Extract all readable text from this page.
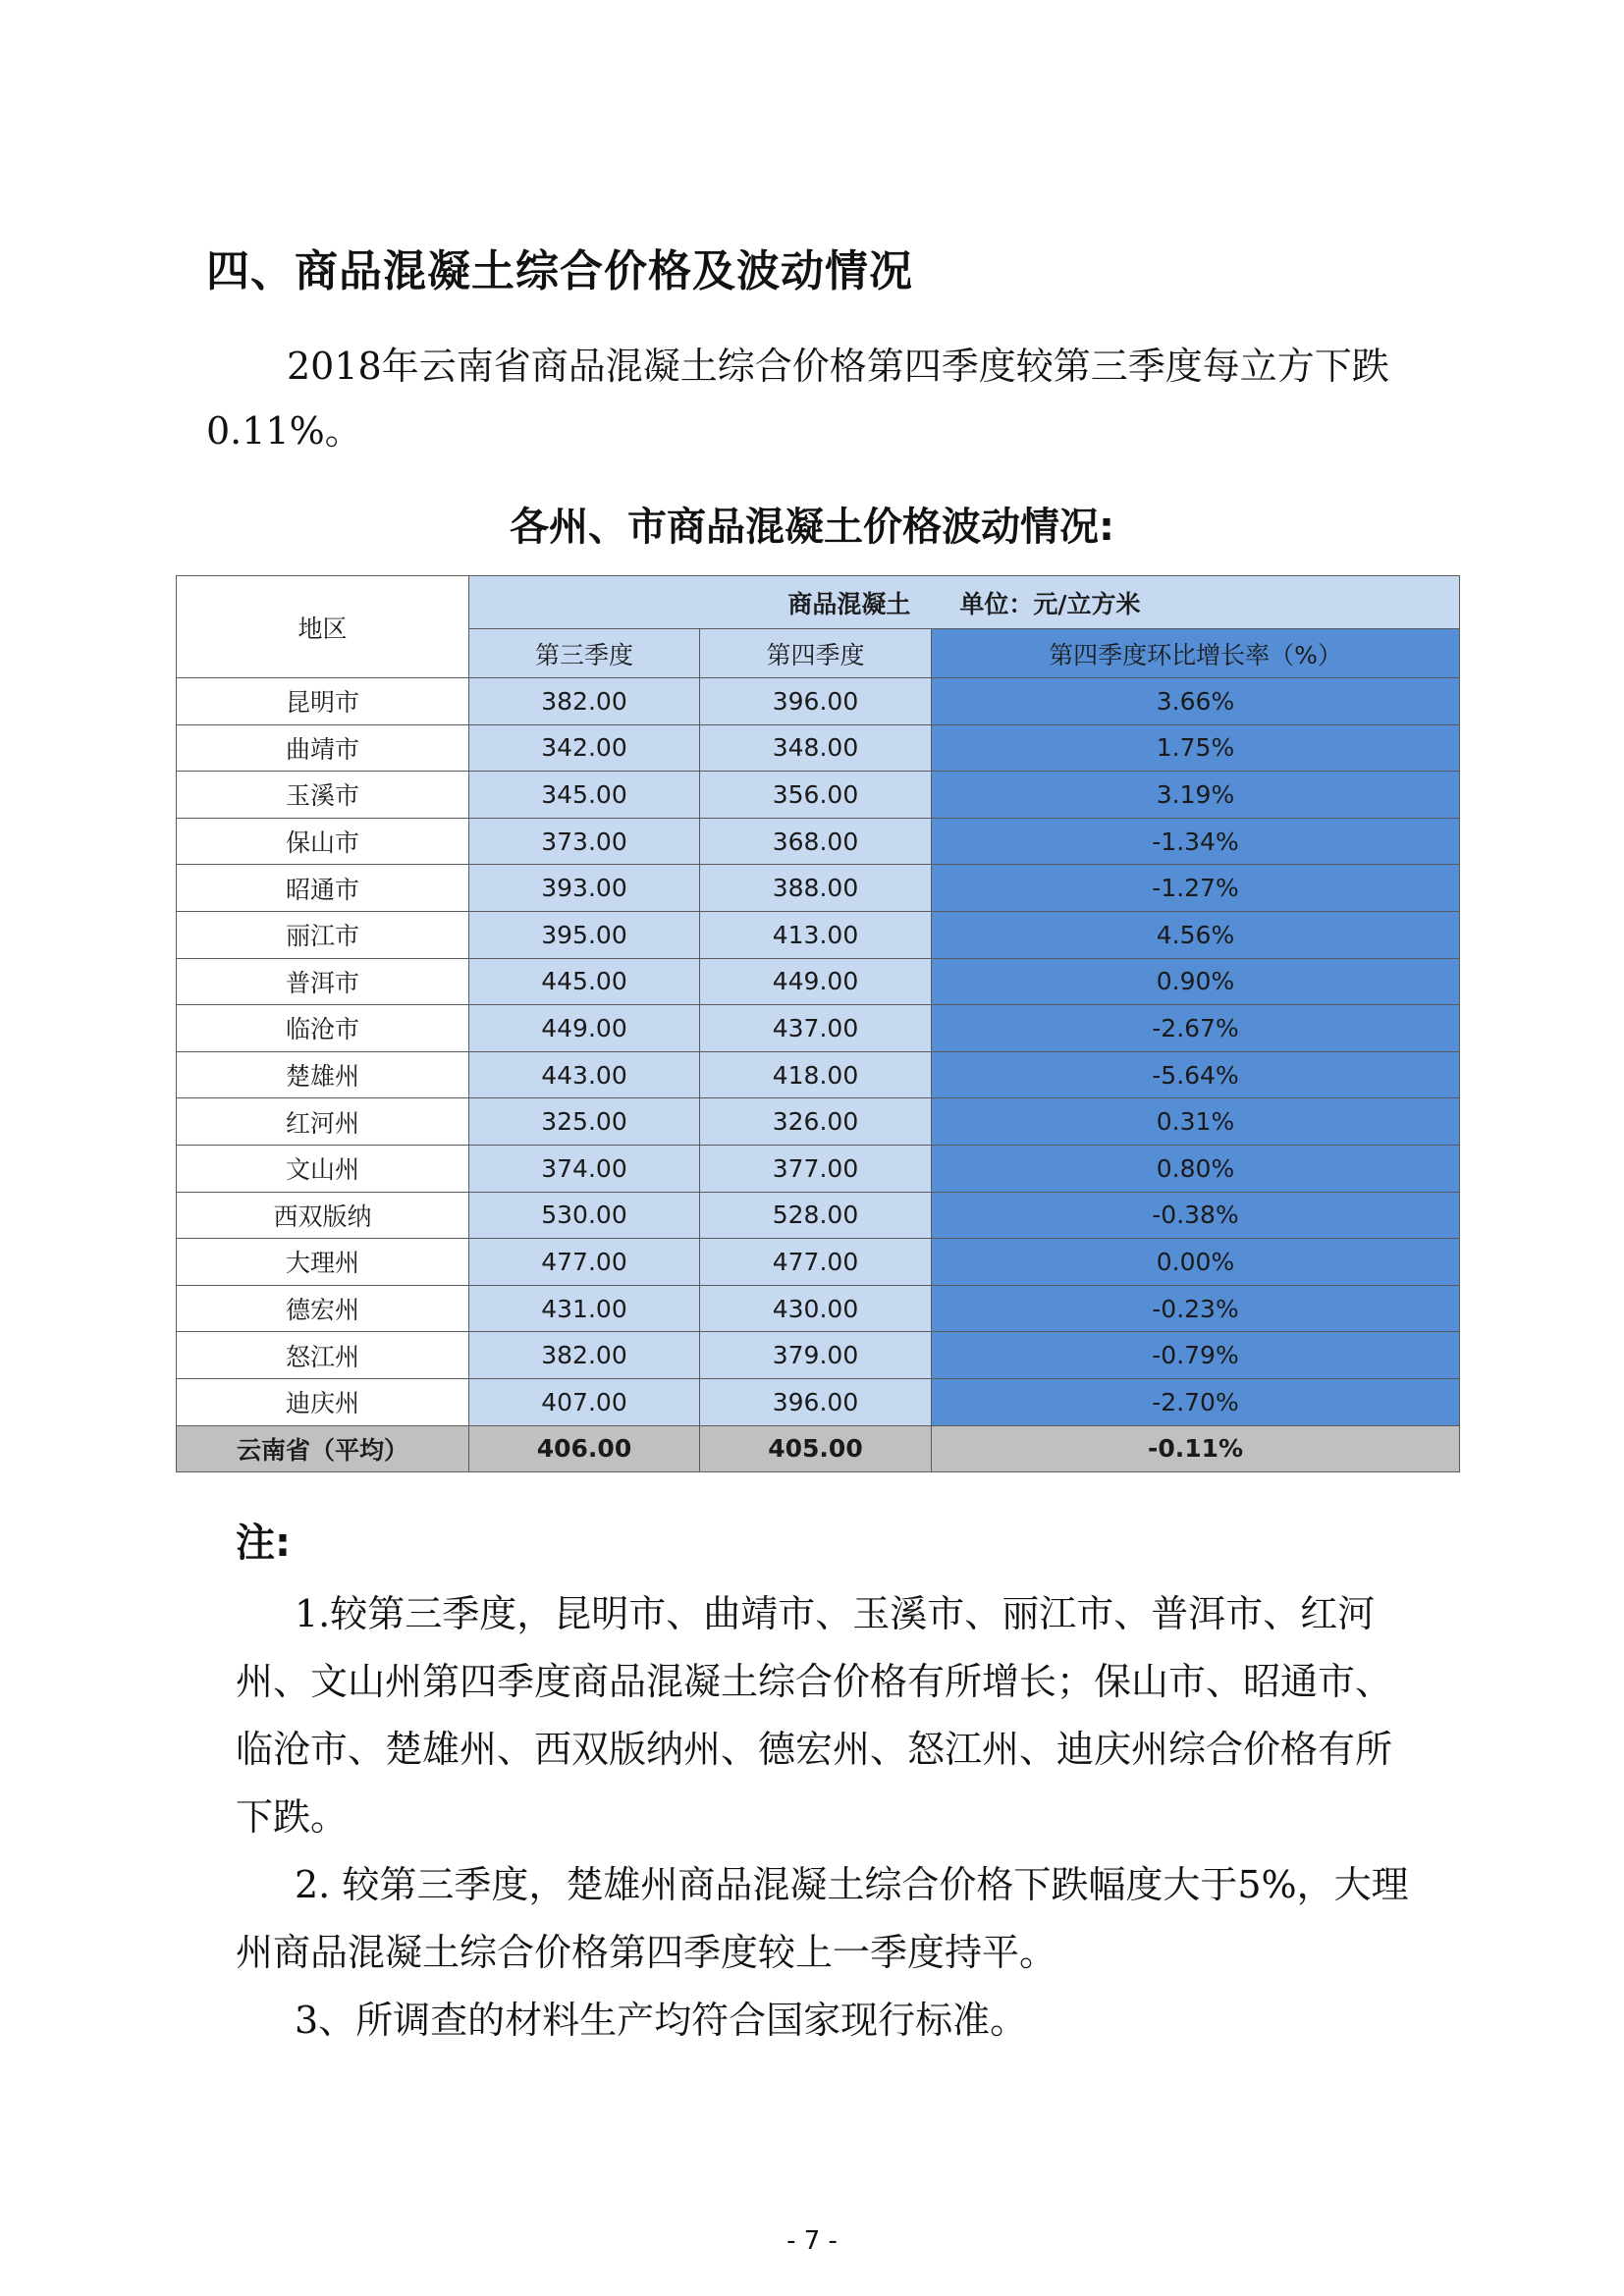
四、商品混凝土综合价格及波动情况
2018年云南省商品混凝土综合价格第四季度较第三季度每立方下跌 0.11%。
各州、市商品混凝土价格波动情况:
地区	商品混凝土　　单位：元/立方米		
	第三季度	第四季度	第四季度环比增长率（%）
昆明市	382.00	396.00	3.66%
曲靖市	342.00	348.00	1.75%
玉溪市	345.00	356.00	3.19%
保山市	373.00	368.00	-1.34%
昭通市	393.00	388.00	-1.27%
丽江市	395.00	413.00	4.56%
普洱市	445.00	449.00	0.90%
临沧市	449.00	437.00	-2.67%
楚雄州	443.00	418.00	-5.64%
红河州	325.00	326.00	0.31%
文山州	374.00	377.00	0.80%
西双版纳	530.00	528.00	-0.38%
大理州	477.00	477.00	0.00%
德宏州	431.00	430.00	-0.23%
怒江州	382.00	379.00	-0.79%
迪庆州	407.00	396.00	-2.70%
云南省（平均）	406.00	405.00	-0.11%
注:

1.较第三季度，昆明市、曲靖市、玉溪市、丽江市、普洱市、红河州、文山州第四季度商品混凝土综合价格有所增长；保山市、昭通市、临沧市、楚雄州、西双版纳州、德宏州、怒江州、迪庆州综合价格有所下跌。

2. 较第三季度，楚雄州商品混凝土综合价格下跌幅度大于5%，大理州商品混凝土综合价格第四季度较上一季度持平。

3、所调查的材料生产均符合国家现行标准。

- 7 -
